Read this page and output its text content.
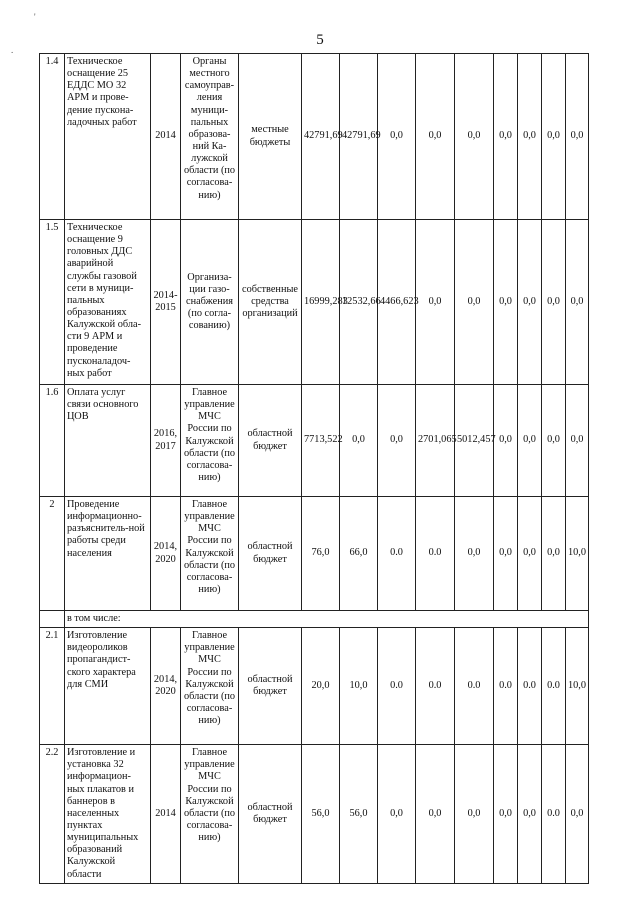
'
.
5
1.4	Техническое оснащение 25 ЕДДС МО 32 АРМ и прове-дение пускона-ладочных работ	2014	Органы местного самоуправ-ления муници-пальных образова-ний Ка-лужской области (по согласова-нию)	местные бюджеты	42791,69	42791,69	0,0	0,0	0,0	0,0	0,0	0,0	0,0
1.5	Техническое оснащение 9 головных ДДС аварийной службы газовой сети в муници-пальных образованиях Калужской обла-сти 9 АРМ и проведение пусконаладоч-ных работ	2014-2015	Организа-ции газо-снабжения (по согла-сованию)	собственные средства организаций	16999,283	12532,66	4466,623	0,0	0,0	0,0	0,0	0,0	0,0
1.6	Оплата услуг связи основного ЦОВ	2016, 2017	Главное управление МЧС России по Калужской области (по согласова-нию)	областной бюджет	7713,522	0,0	0,0	2701,065	5012,457	0,0	0,0	0,0	0,0
2	Проведение информационно-разъяснитель-ной работы среди населения	2014, 2020	Главное управление МЧС России по Калужской области (по согласова-нию)	областной бюджет	76,0	66,0	0.0	0.0	0,0	0,0	0,0	0,0	10,0
	в том числе:												
2.1	Изготовление видеороликов пропагандист-ского характера для СМИ	2014, 2020	Главное управление МЧС России по Калужской области (по согласова-нию)	областной бюджет	20,0	10,0	0.0	0.0	0.0	0.0	0.0	0.0	10,0
2.2	Изготовление и установка 32 информацион-ных плакатов и баннеров в населенных пунктах муниципальных образований Калужской области	2014	Главное управление МЧС России по Калужской области (по согласова-нию)	областной бюджет	56,0	56,0	0,0	0,0	0,0	0,0	0,0	0.0	0,0
